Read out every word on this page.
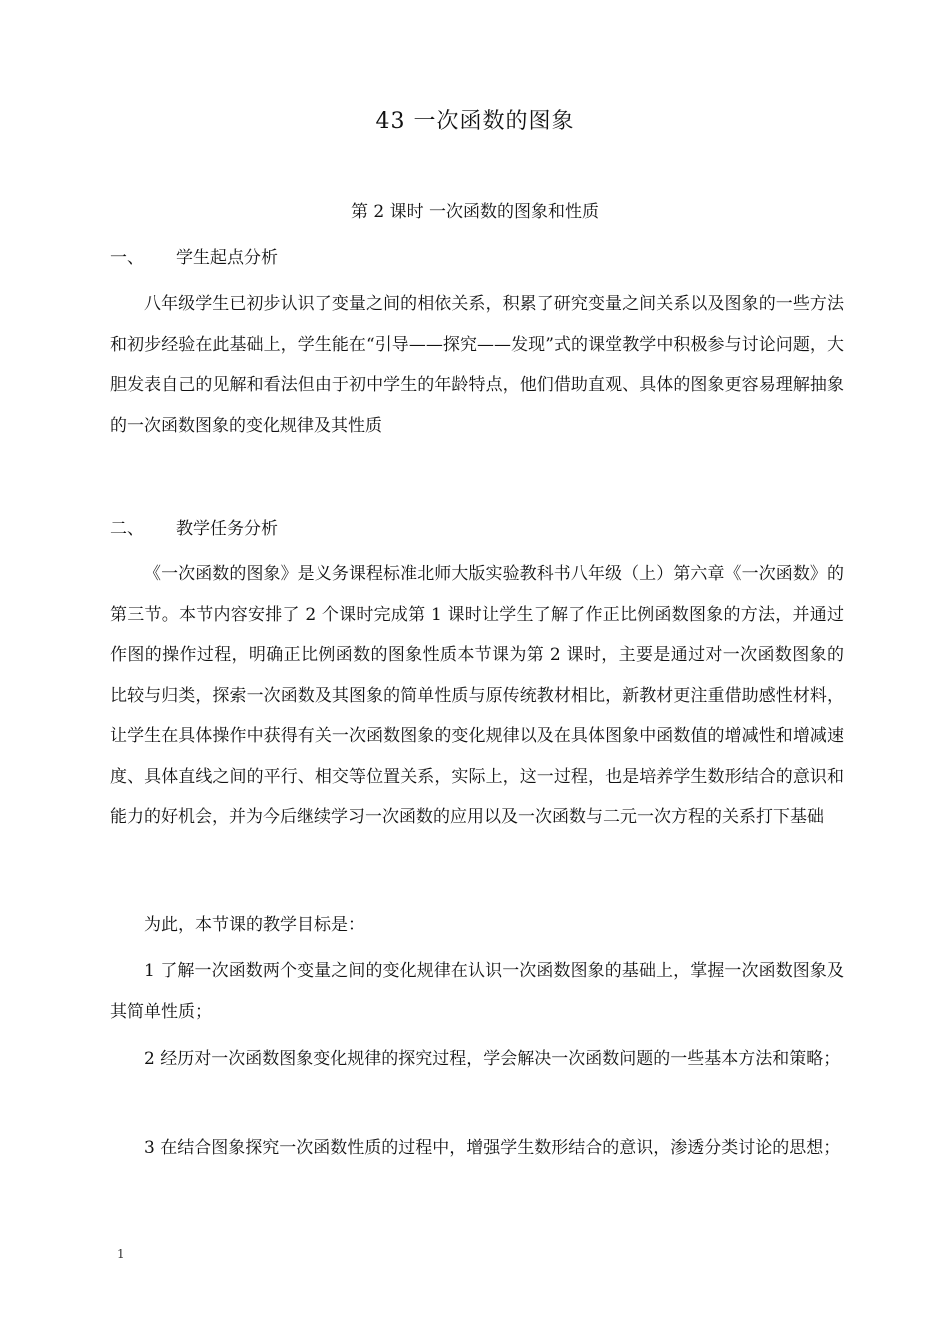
43 一次函数的图象
第 2 课时 一次函数的图象和性质
一、 学生起点分析

八年级学生已初步认识了变量之间的相依关系，积累了研究变量之间关系以及图象的一些方法和初步经验在此基础上，学生能在“引导——探究——发现”式的课堂教学中积极参与讨论问题，大胆发表自己的见解和看法但由于初中学生的年龄特点，他们借助直观、具体的图象更容易理解抽象的一次函数图象的变化规律及其性质

二、 教学任务分析

《一次函数的图象》是义务课程标准北师大版实验教科书八年级（上）第六章《一次函数》的第三节。本节内容安排了 2 个课时完成第 1 课时让学生了解了作正比例函数图象的方法，并通过作图的操作过程，明确正比例函数的图象性质本节课为第 2 课时，主要是通过对一次函数图象的比较与归类，探索一次函数及其图象的简单性质与原传统教材相比，新教材更注重借助感性材料，让学生在具体操作中获得有关一次函数图象的变化规律以及在具体图象中函数值的增减性和增减速度、具体直线之间的平行、相交等位置关系，实际上，这一过程，也是培养学生数形结合的意识和能力的好机会，并为今后继续学习一次函数的应用以及一次函数与二元一次方程的关系打下基础

为此，本节课的教学目标是：

1 了解一次函数两个变量之间的变化规律在认识一次函数图象的基础上，掌握一次函数图象及其简单性质；

2 经历对一次函数图象变化规律的探究过程，学会解决一次函数问题的一些基本方法和策略；

3 在结合图象探究一次函数性质的过程中，增强学生数形结合的意识，渗透分类讨论的思想；

1
